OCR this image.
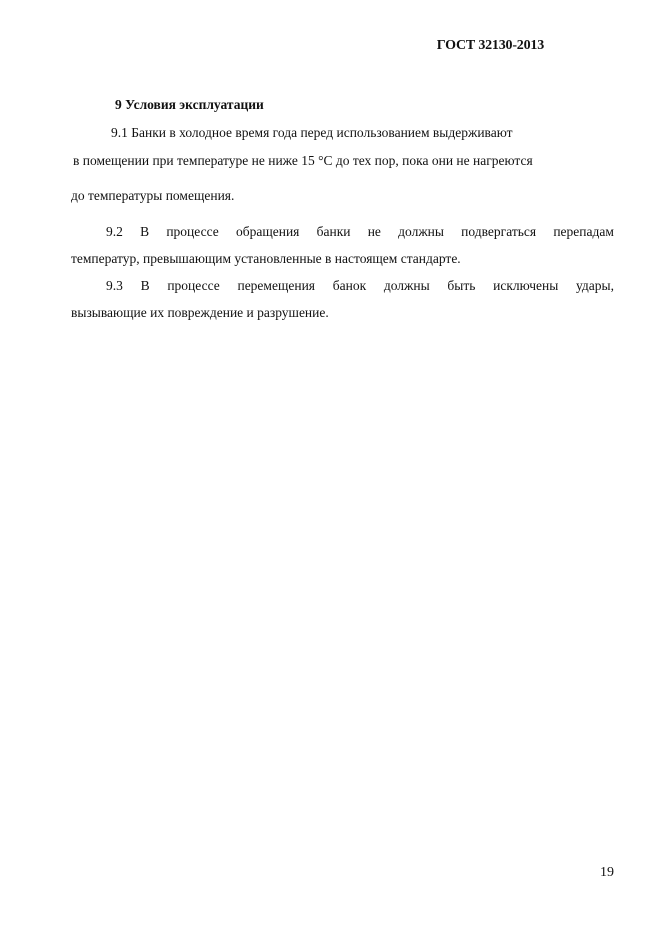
ГОСТ 32130-2013
9 Условия эксплуатации
9.1 Банки в холодное время года перед использованием выдерживают
в помещении при температуре не ниже 15 °С до тех пор, пока они не нагреются
до температуры помещения.
9.2 В процессе обращения банки не должны подвергаться перепадам
температур, превышающим установленные в настоящем стандарте.
9.3 В процессе перемещения банок должны быть исключены удары,
вызывающие их повреждение и разрушение.
19
